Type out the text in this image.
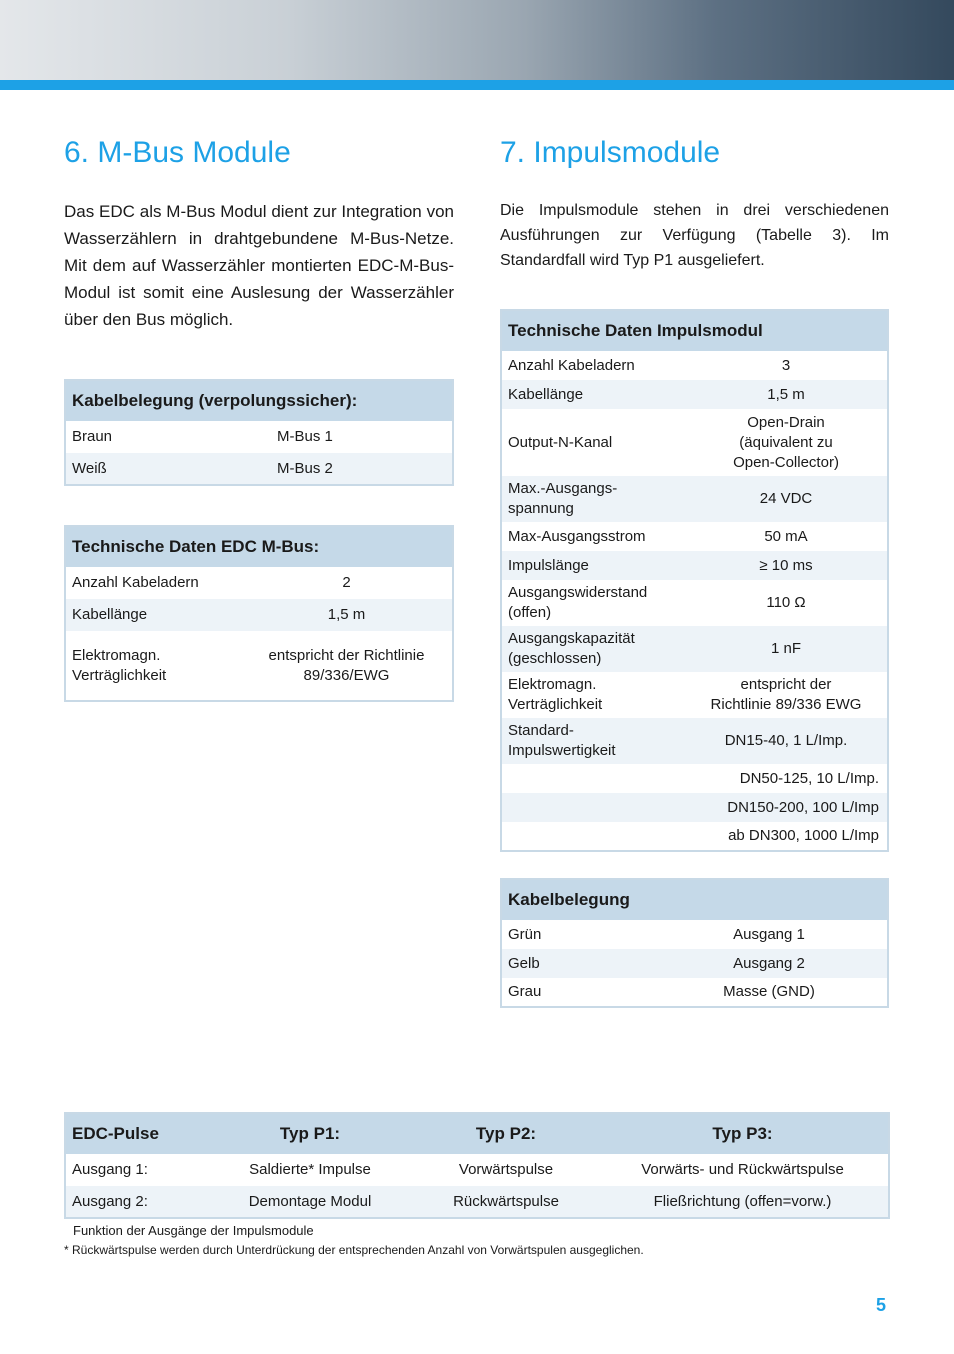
6. M-Bus Module

Das EDC als M-Bus Modul dient zur Integration von Wasserzählern in drahtgebundene M-Bus-Netze. Mit dem auf Wasserzähler montierten EDC-M-Bus-Modul ist somit eine Auslesung der Wasserzähler über den Bus möglich.

Kabelbelegung (verpolungssicher):	
Braun	M-Bus 1
Weiß	M-Bus 2
Technische Daten EDC M-Bus:	
Anzahl Kabeladern	2
Kabellänge	1,5 m
Elektromagn.
Verträglichkeit	entspricht der Richtlinie
89/336/EWG
7. Impulsmodule

Die Impulsmodule stehen in drei verschiedenen Ausführungen zur Verfügung (Tabelle 3). Im Standardfall wird Typ P1 ausgeliefert.

Technische Daten Impulsmodul	
Anzahl Kabeladern	3
Kabellänge	1,5 m
Output-N-Kanal	Open-Drain
(äquivalent zu
Open-Collector)
Max.-Ausgangs-
spannung	24 VDC
Max-Ausgangsstrom	50 mA
Impulslänge	≥ 10 ms
Ausgangswiderstand
(offen)	110 Ω
Ausgangskapazität
(geschlossen)	1 nF
Elektromagn.
Verträglichkeit	entspricht der
Richtlinie 89/336 EWG
Standard-
Impulswertigkeit	DN15-40, 1 L/Imp.
	DN50-125, 10 L/Imp.
	DN150-200, 100 L/Imp
	ab DN300, 1000 L/Imp
Kabelbelegung	
Grün	Ausgang 1
Gelb	Ausgang 2
Grau	Masse (GND)
EDC-Pulse	Typ P1:	Typ P2:	Typ P3:
Ausgang 1:	Saldierte* Impulse	Vorwärtspulse	Vorwärts- und Rückwärtspulse
Ausgang 2:	Demontage Modul	Rückwärtspulse	Fließrichtung (offen=vorw.)

Funktion der Ausgänge der Impulsmodule

* Rückwärtspulse werden durch Unterdrückung der entsprechenden Anzahl von Vorwärtspulen ausgeglichen.

5
